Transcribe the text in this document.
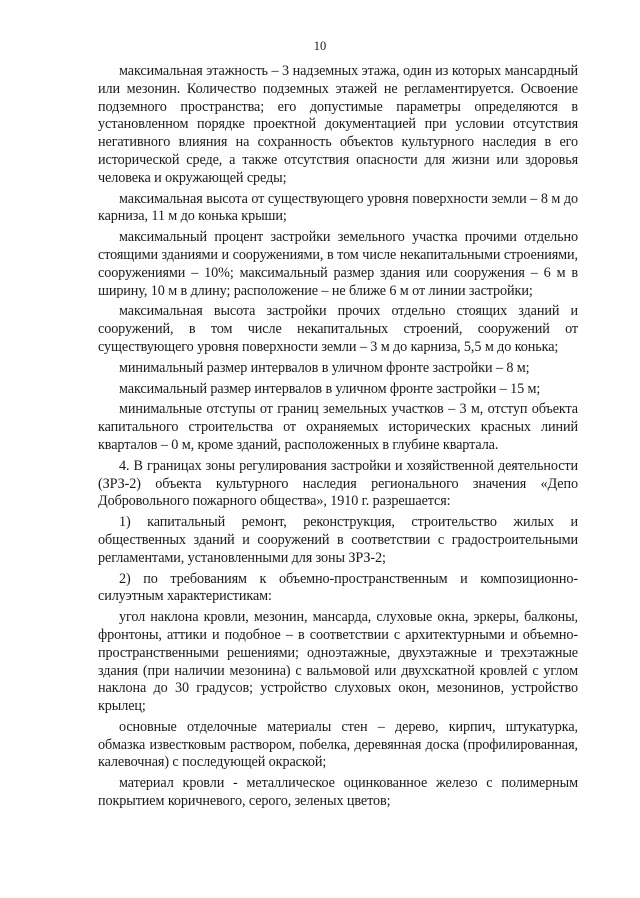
10

максимальная этажность – 3 надземных этажа, один из которых мансардный или мезонин. Количество подземных этажей не регламентируется. Освоение подземного пространства; его допустимые параметры определяются в установленном порядке проектной документацией при условии отсутствия негативного влияния на сохранность объектов культурного наследия в его исторической среде, а также отсутствия опасности для жизни или здоровья человека и окружающей среды;

максимальная высота от существующего уровня поверхности земли – 8 м до карниза, 11 м до конька крыши;

максимальный процент застройки земельного участка прочими отдельно стоящими зданиями и сооружениями, в том числе некапитальными строениями, сооружениями – 10%; максимальный размер здания или сооружения – 6 м в ширину, 10 м в длину; расположение – не ближе 6 м от линии застройки;

максимальная высота застройки прочих отдельно стоящих зданий и сооружений, в том числе некапитальных строений, сооружений от существующего уровня поверхности земли – 3 м до карниза, 5,5 м до конька;

минимальный размер интервалов в уличном фронте застройки – 8 м;

максимальный размер интервалов в уличном фронте застройки – 15 м;

минимальные отступы от границ земельных участков – 3 м, отступ объекта капитального строительства от охраняемых исторических красных линий кварталов – 0 м, кроме зданий, расположенных в глубине квартала.

4. В границах зоны регулирования застройки и хозяйственной деятельности (ЗРЗ-2) объекта культурного наследия регионального значения «Депо Добровольного пожарного общества», 1910 г. разрешается:

1) капитальный ремонт, реконструкция, строительство жилых и общественных зданий и сооружений в соответствии с градостроительными регламентами, установленными для зоны ЗРЗ-2;

2) по требованиям к объемно-пространственным и композиционно-силуэтным характеристикам:

угол наклона кровли, мезонин, мансарда, слуховые окна, эркеры, балконы, фронтоны, аттики и подобное – в соответствии с архитектурными и объемно-пространственными решениями; одноэтажные, двухэтажные и трехэтажные здания (при наличии мезонина) с вальмовой или двухскатной кровлей с углом наклона до 30 градусов; устройство слуховых окон, мезонинов, устройство крылец;

основные отделочные материалы стен – дерево, кирпич, штукатурка, обмазка известковым раствором, побелка, деревянная доска (профилированная, калевочная) с последующей окраской;

материал кровли - металлическое оцинкованное железо с полимерным покрытием коричневого, серого, зеленых цветов;
